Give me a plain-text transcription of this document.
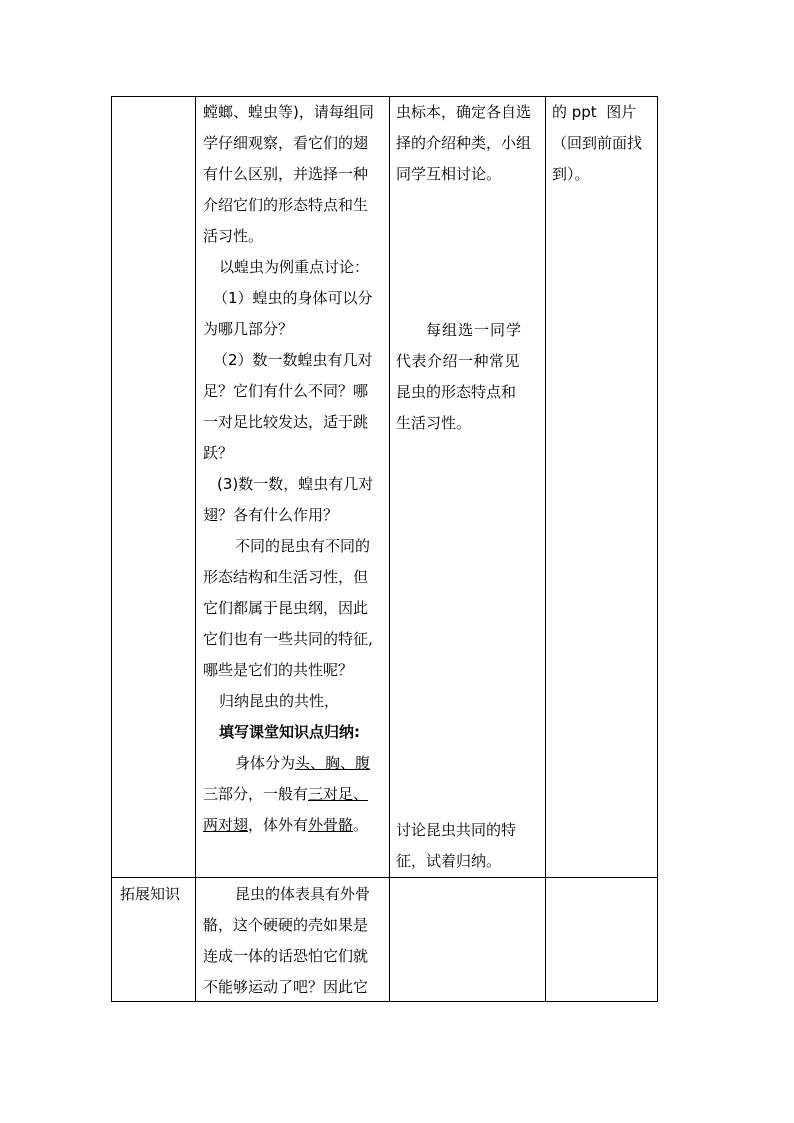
螳螂、蝗虫等)，请每组同

学仔细观察，看它们的翅

有什么区别，并选择一种

介绍它们的形态特点和生

活习性。

以蝗虫为例重点讨论：

（1）蝗虫的身体可以分

为哪几部分？

（2）数一数蝗虫有几对

足？它们有什么不同？哪

一对足比较发达，适于跳

跃？

(3)数一数，蝗虫有几对

翅？各有什么作用？

不同的昆虫有不同的

形态结构和生活习性，但

它们都属于昆虫纲，因此

它们也有一些共同的特征,

哪些是它们的共性呢？

归纳昆虫的共性，

填写课堂知识点归纳:

身体分为头、胸、腹

三部分，一般有三对足、

两对翅，体外有外骨骼。

虫标本，确定各自选

择的介绍种类，小组

同学互相讨论。

每组选一同学

代表介绍一种常见

昆虫的形态特点和

生活习性。

讨论昆虫共同的特

征，试着归纳。

的 ppt  图片

（回到前面找

到）。

拓展知识	昆虫的体表具有外骨

骼，这个硬硬的壳如果是

连成一体的话恐怕它们就

不能够运动了吧？因此它
